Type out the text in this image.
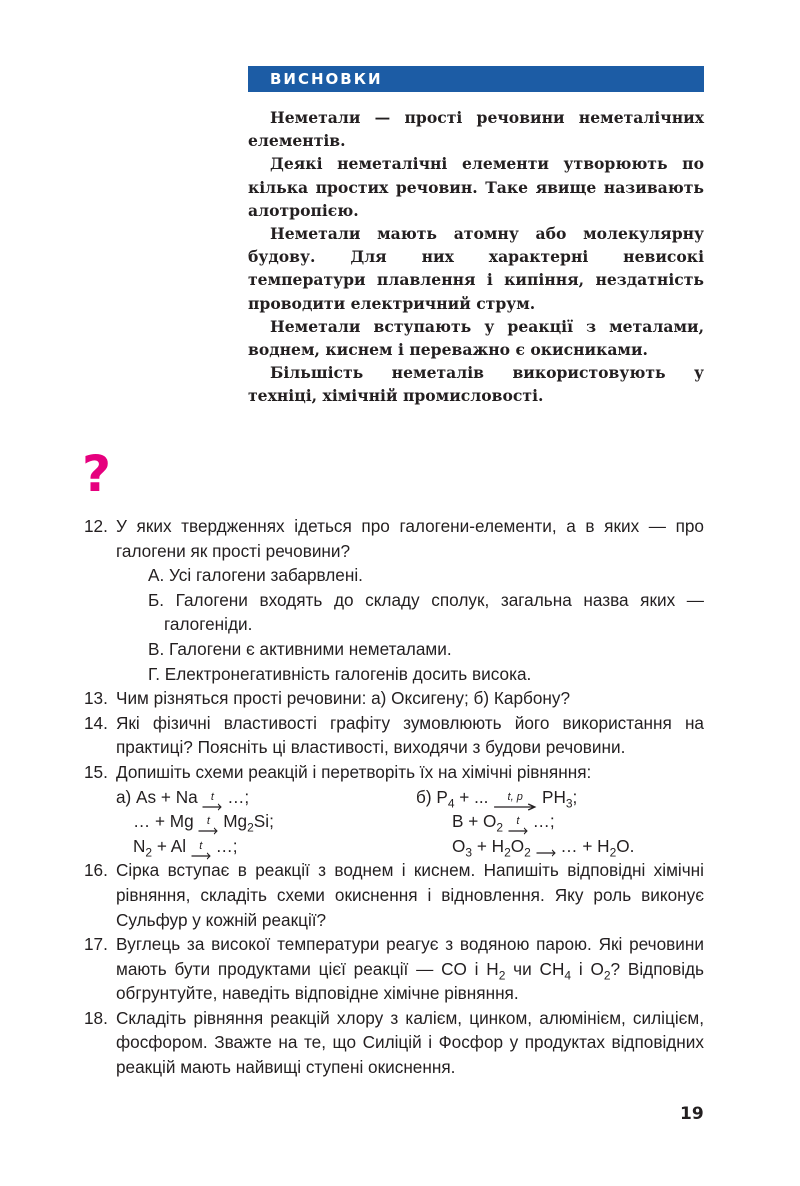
ВИСНОВКИ

Неметали — прості речовини неметалічних елементів.

Деякі неметалічні елементи утворюють по кілька простих речовин. Таке явище називають алотропією.

Неметали мають атомну або молекулярну будову. Для них характерні невисокі температури плавлення і кипіння, нездатність проводити електричний струм.

Неметали вступають у реакції з металами, воднем, киснем і переважно є окисниками.

Більшість неметалів використовують у техніці, хімічній промисловості.

?
12. У яких твердженнях ідеться про галогени-елементи, а в яких — про галогени як прості речовини?
А. Усі галогени забарвлені.
Б. Галогени входять до складу сполук, загальна назва яких — галогеніди.
В. Галогени є активними неметалами.
Г. Електронегативність галогенів досить висока.
13. Чим різняться прості речовини: а) Оксигену; б) Карбону?
14. Які фізичні властивості графіту зумовлюють його використання на практиці? Поясніть ці властивості, виходячи з будови речовини.
15. Допишіть схеми реакцій і перетворіть їх на хімічні рівняння:
а) As + Na t …;	б) $P_4$ + ... t, p $PH_3$;
… + Mg t $Mg_2Si$;	$B + O_2$ t …;
$N_2 + Al$ t …;	$O_3 + H_2O_2$ → … + $H_2O$.
16. Сірка вступає в реакції з воднем і киснем. Напишіть відповідні хімічні рівняння, складіть схеми окиснення і відновлення. Яку роль виконує Сульфур у кожній реакції?
17. Вуглець за високої температури реагує з водяною парою. Які речовини мають бути продуктами цієї реакції — CO і $H_2$ чи $CH_4$ і $O_2$? Відповідь обгрунтуйте, наведіть відповідне хімічне рівняння.
18. Складіть рівняння реакцій хлору з калієм, цинком, алюмінієм, силіцієм, фосфором. Зважте на те, що Силіцій і Фосфор у продуктах відповідних реакцій мають найвищі ступені окиснення.
19
